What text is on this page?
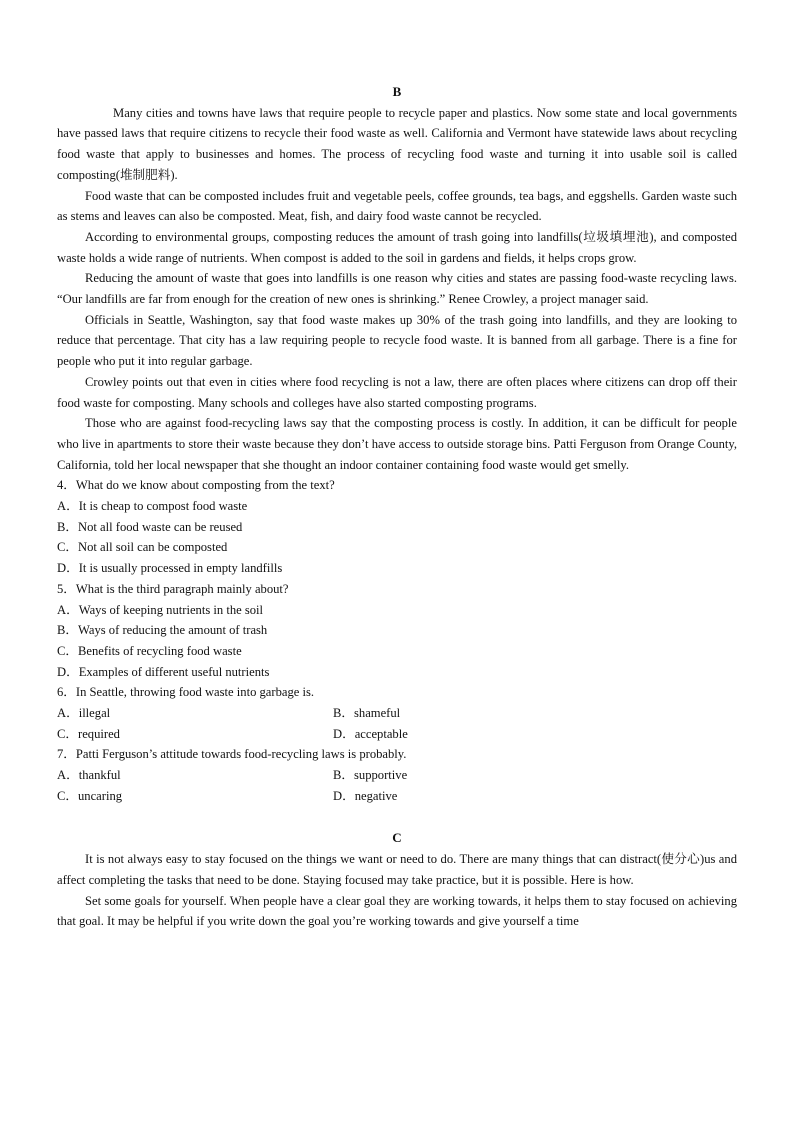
B

Many cities and towns have laws that require people to recycle paper and plastics. Now some state and local governments have passed laws that require citizens to recycle their food waste as well. California and Vermont have statewide laws about recycling food waste that apply to businesses and homes. The process of recycling food waste and turning it into usable soil is called composting(堆制肥料).

Food waste that can be composted includes fruit and vegetable peels, coffee grounds, tea bags, and eggshells. Garden waste such as stems and leaves can also be composted. Meat, fish, and dairy food waste cannot be recycled.

According to environmental groups, composting reduces the amount of trash going into landfills(垃圾填埋池), and composted waste holds a wide range of nutrients. When compost is added to the soil in gardens and fields, it helps crops grow.

Reducing the amount of waste that goes into landfills is one reason why cities and states are passing food-waste recycling laws. “Our landfills are far from enough for the creation of new ones is shrinking.” Renee Crowley, a project manager said.

Officials in Seattle, Washington, say that food waste makes up 30% of the trash going into landfills, and they are looking to reduce that percentage. That city has a law requiring people to recycle food waste. It is banned from all garbage. There is a fine for people who put it into regular garbage.

Crowley points out that even in cities where food recycling is not a law, there are often places where citizens can drop off their food waste for composting. Many schools and colleges have also started composting programs.

Those who are against food-recycling laws say that the composting process is costly. In addition, it can be difficult for people who live in apartments to store their waste because they don’t have access to outside storage bins. Patti Ferguson from Orange County, California, told her local newspaper that she thought an indoor container containing food waste would get smelly.

4．What do we know about composting from the text?

A．It is cheap to compost food waste
B．Not all food waste can be reused
C．Not all soil can be composted
D．It is usually processed in empty landfills

5．What is the third paragraph mainly about?

A．Ways of keeping nutrients in the soil
B．Ways of reducing the amount of trash
C．Benefits of recycling food waste
D．Examples of different useful nutrients

6．In Seattle, throwing food waste into garbage is.

A．illegal	B．shameful
C．required	D．acceptable

7．Patti Ferguson’s attitude towards food-recycling laws is probably.

A．thankful	B．supportive
C．uncaring	D．negative
C

It is not always easy to stay focused on the things we want or need to do. There are many things that can distract(使分心)us and affect completing the tasks that need to be done. Staying focused may take practice, but it is possible. Here is how.

Set some goals for yourself. When people have a clear goal they are working towards, it helps them to stay focused on achieving that goal. It may be helpful if you write down the goal you’re working towards and give yourself a time
